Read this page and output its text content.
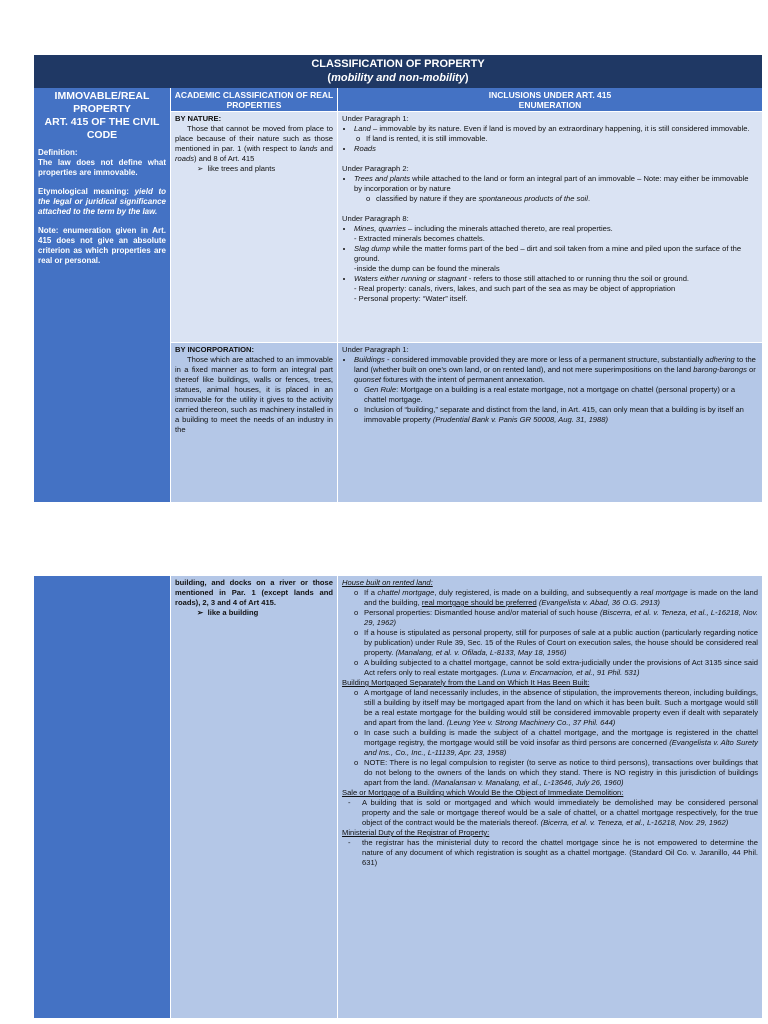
CLASSIFICATION OF PROPERTY
(mobility and non-mobility)
IMMOVABLE/REAL
PROPERTY
ART. 415 OF THE CIVIL CODE

Definition:
The law does not define what properties are immovable.

Etymological meaning: yield to the legal or juridical significance attached to the term by the law.

Note: enumeration given in Art. 415 does not give an absolute criterion as which properties are real or personal.

ACADEMIC CLASSIFICATION OF REAL PROPERTIES
BY NATURE:
Those that cannot be moved from place to place because of their nature such as those mentioned in par. 1 (with respect to lands and roads) and 8 of Art. 415
➢ like trees and plants
BY INCORPORATION:
Those which are attached to an immovable in a fixed manner as to form an integral part thereof like buildings, walls or fences, trees, statues, animal houses, it is placed in an immovable for the utility it gives to the activity carried thereon, such as machinery installed in a building to meet the needs of an industry in the
INCLUSIONS UNDER ART. 415
ENUMERATION
Under Paragraph 1:
• Land – immovable by its nature. Even if land is moved by an extraordinary happening, it is still considered immovable.
o If land is rented, it is still immovable.
• Roads
Under Paragraph 2:
• Trees and plants while attached to the land or form an integral part of an immovable – Note: may either be immovable by incorporation or by nature
o classified by nature if they are spontaneous products of the soil.
Under Paragraph 8:
• Mines, quarries – including the minerals attached thereto, are real properties.
- Extracted minerals becomes chattels.
• Slag dump while the matter forms part of the bed – dirt and soil taken from a mine and piled upon the surface of the ground.
-inside the dump can be found the minerals
• Waters either running or stagnant - refers to those still attached to or running thru the soil or ground.
- Real property: canals, rivers, lakes, and such part of the sea as may be object of appropriation
- Personal property: “Water” itself.
Under Paragraph 1:
• Buildings - considered immovable provided they are more or less of a permanent structure, substantially adhering to the land (whether built on one’s own land, or on rented land), and not mere superimpositions on the land barong-barongs or quonset fixtures with the intent of permanent annexation.
o Gen Rule: Mortgage on a building is a real estate mortgage, not a mortgage on chattel (personal property) or a chattel mortgage.
o Inclusion of “building,” separate and distinct from the land, in Art. 415, can only mean that a building is by itself an immovable property (Prudential Bank v. Panis GR 50008, Aug. 31, 1988)
building, and docks on a river or those mentioned in Par. 1 (except lands and roads), 2, 3 and 4 of Art 415.
➢ like a building
House built on rented land:
o If a chattel mortgage, duly registered, is made on a building, and subsequently a real mortgage is made on the land and the building, real mortgage should be preferred (Evangelista v. Abad, 36 O.G. 2913)
o Personal properties: Dismantled house and/or material of such house (Biscerra, et al. v. Teneza, et al., L-16218, Nov. 29, 1962)
o If a house is stipulated as personal property, still for purposes of sale at a public auction (particularly regarding notice by publication) under Rule 39, Sec. 15 of the Rules of Court on execution sales, the house should be considered real property. (Manalang, et al. v. Ofilada, L-8133, May 18, 1956)
o A building subjected to a chattel mortgage, cannot be sold extra-judicially under the provisions of Act 3135 since said Act refers only to real estate mortgages. (Luna v. Encarnacion, et al., 91 Phil. 531)
Building Mortgaged Separately from the Land on Which It Has Been Built:
o A mortgage of land necessarily includes, in the absence of stipulation, the improvements thereon, including buildings, still a building by itself may be mortgaged apart from the land on which it has been built. Such a mortgage would still be a real estate mortgage for the building would still be considered immovable property even if dealt with separately and apart from the land. (Leung Yee v. Strong Machinery Co., 37 Phil. 644)
o In case such a building is made the subject of a chattel mortgage, and the mortgage is registered in the chattel mortgage registry, the mortgage would still be void insofar as third persons are concerned (Evangelista v. Alto Surety and Ins., Co., Inc., L-11139, Apr. 23, 1958)
o NOTE: There is no legal compulsion to register (to serve as notice to third persons), transactions over buildings that do not belong to the owners of the lands on which they stand. There is NO registry in this jurisdiction of buildings apart from the land. (Manalansan v. Manalang, et al., L-13646, July 26, 1960)
Sale or Mortgage of a Building which Would Be the Object of Immediate Demolition:
- A building that is sold or mortgaged and which would immediately be demolished may be considered personal property and the sale or mortgage thereof would be a sale of chattel, or a chattel mortgage respectively, for the true object of the contract would be the materials thereof. (Bicerra, et al. v. Teneza, et al., L-16218, Nov. 29, 1962)
Ministerial Duty of the Registrar of Property:
- the registrar has the ministerial duty to record the chattel mortgage since he is not empowered to determine the nature of any document of which registration is sought as a chattel mortgage. (Standard Oil Co. v. Jaranillo, 44 Phil. 631)
